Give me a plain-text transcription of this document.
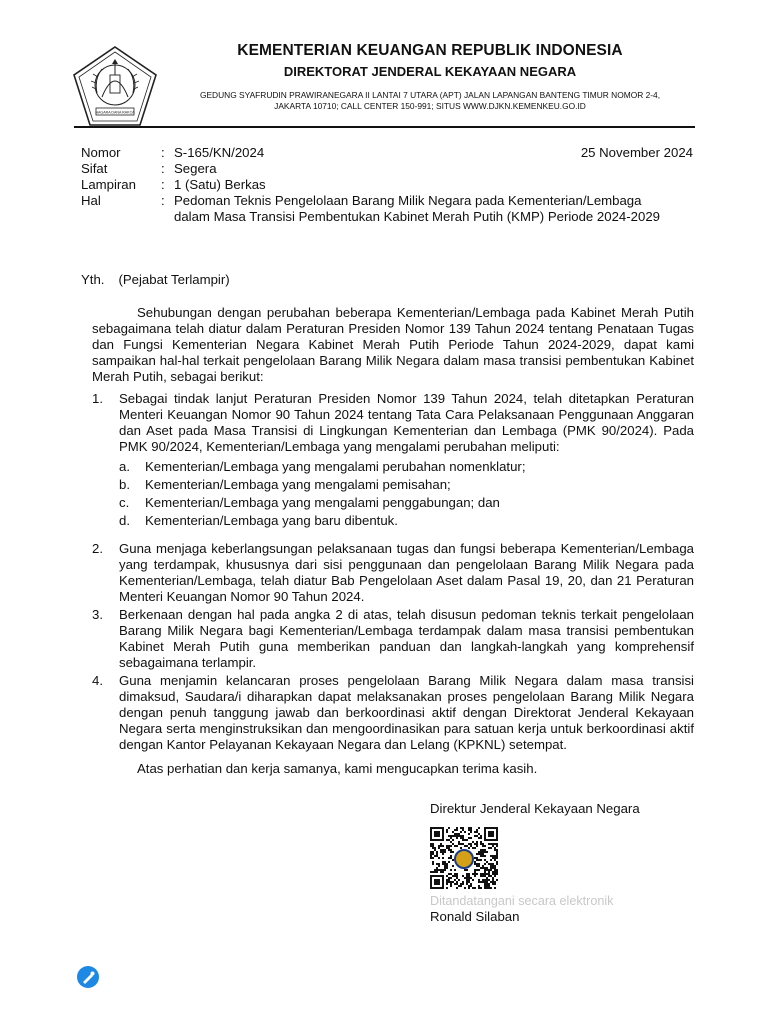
NAGARA DANA RAKCA
KEMENTERIAN KEUANGAN REPUBLIK INDONESIA
DIREKTORAT JENDERAL KEKAYAAN NEGARA
GEDUNG SYAFRUDIN PRAWIRANEGARA II LANTAI 7 UTARA (APT) JALAN LAPANGAN BANTENG TIMUR NOMOR 2-4,
JAKARTA 10710; CALL CENTER 150-991; SITUS WWW.DJKN.KEMENKEU.GO.ID
Nomor	: S-165/KN/2024
Sifat	: Segera
Lampiran	: 1 (Satu) Berkas
Hal	: Pedoman Teknis Pengelolaan Barang Milik Negara pada Kementerian/Lembaga dalam Masa Transisi Pembentukan Kabinet Merah Putih (KMP) Periode 2024-2029
25 November 2024
Yth. (Pejabat Terlampir)

Sehubungan dengan perubahan beberapa Kementerian/Lembaga pada Kabinet Merah Putih sebagaimana telah diatur dalam Peraturan Presiden Nomor 139 Tahun 2024 tentang Penataan Tugas dan Fungsi Kementerian Negara Kabinet Merah Putih Periode Tahun 2024-2029, dapat kami sampaikan hal-hal terkait pengelolaan Barang Milik Negara dalam masa transisi pembentukan Kabinet Merah Putih, sebagai berikut:

1.	Sebagai tindak lanjut Peraturan Presiden Nomor 139 Tahun 2024, telah ditetapkan Peraturan Menteri Keuangan Nomor 90 Tahun 2024 tentang Tata Cara Pelaksanaan Penggunaan Anggaran dan Aset pada Masa Transisi di Lingkungan Kementerian dan Lembaga (PMK 90/2024). Pada PMK 90/2024, Kementerian/Lembaga yang mengalami perubahan meliputi:
a.	Kementerian/Lembaga yang mengalami perubahan nomenklatur;
b.	Kementerian/Lembaga yang mengalami pemisahan;
c.	Kementerian/Lembaga yang mengalami penggabungan; dan
d.	Kementerian/Lembaga yang baru dibentuk.
2.	Guna menjaga keberlangsungan pelaksanaan tugas dan fungsi beberapa Kementerian/Lembaga yang terdampak, khususnya dari sisi penggunaan dan pengelolaan Barang Milik Negara pada Kementerian/Lembaga, telah diatur Bab Pengelolaan Aset dalam Pasal 19, 20, dan 21 Peraturan Menteri Keuangan Nomor 90 Tahun 2024.
3.	Berkenaan dengan hal pada angka 2 di atas, telah disusun pedoman teknis terkait pengelolaan Barang Milik Negara bagi Kementerian/Lembaga terdampak dalam masa transisi pembentukan Kabinet Merah Putih guna memberikan panduan dan langkah-langkah yang komprehensif sebagaimana terlampir.
4.	Guna menjamin kelancaran proses pengelolaan Barang Milik Negara dalam masa transisi dimaksud, Saudara/i diharapkan dapat melaksanakan proses pengelolaan Barang Milik Negara dengan penuh tanggung jawab dan berkoordinasi aktif dengan Direktorat Jenderal Kekayaan Negara serta menginstruksikan dan mengoordinasikan para satuan kerja untuk berkoordinasi aktif dengan Kantor Pelayanan Kekayaan Negara dan Lelang (KPKNL) setempat.

Atas perhatian dan kerja samanya, kami mengucapkan terima kasih.

Direktur Jenderal Kekayaan Negara
Ditandatangani secara elektronik
Ronald Silaban
